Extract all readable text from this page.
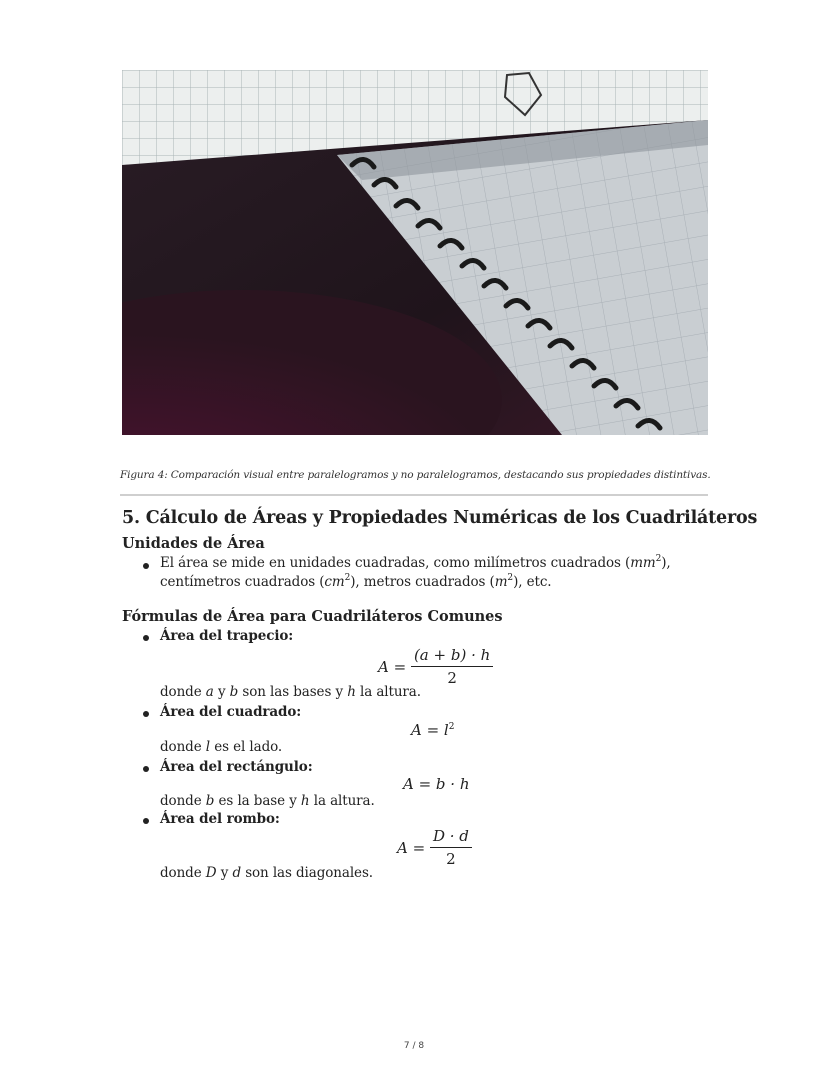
Figura 4: Comparación visual entre paralelogramos y no paralelogramos, destacando sus propiedades distintivas.
5. Cálculo de Áreas y Propiedades Numéricas de los Cuadriláteros
Unidades de Área
El área se mide en unidades cuadradas, como milímetros cuadrados $(mm^2)$,
centímetros cuadrados $(cm^2)$, metros cuadrados $(m^2)$, etc.
Fórmulas de Área para Cuadriláteros Comunes
Área del trapecio:
$A = \frac{(a + b) \cdot h}{2}$
donde a y b son las bases y h la altura.
Área del cuadrado:
$A = l^2$
donde l es el lado.
Área del rectángulo:
A = b · h
donde b es la base y h la altura.
Área del rombo:
$A = \frac{D \cdot d}{2}$
donde D y d son las diagonales.
7 / 8
